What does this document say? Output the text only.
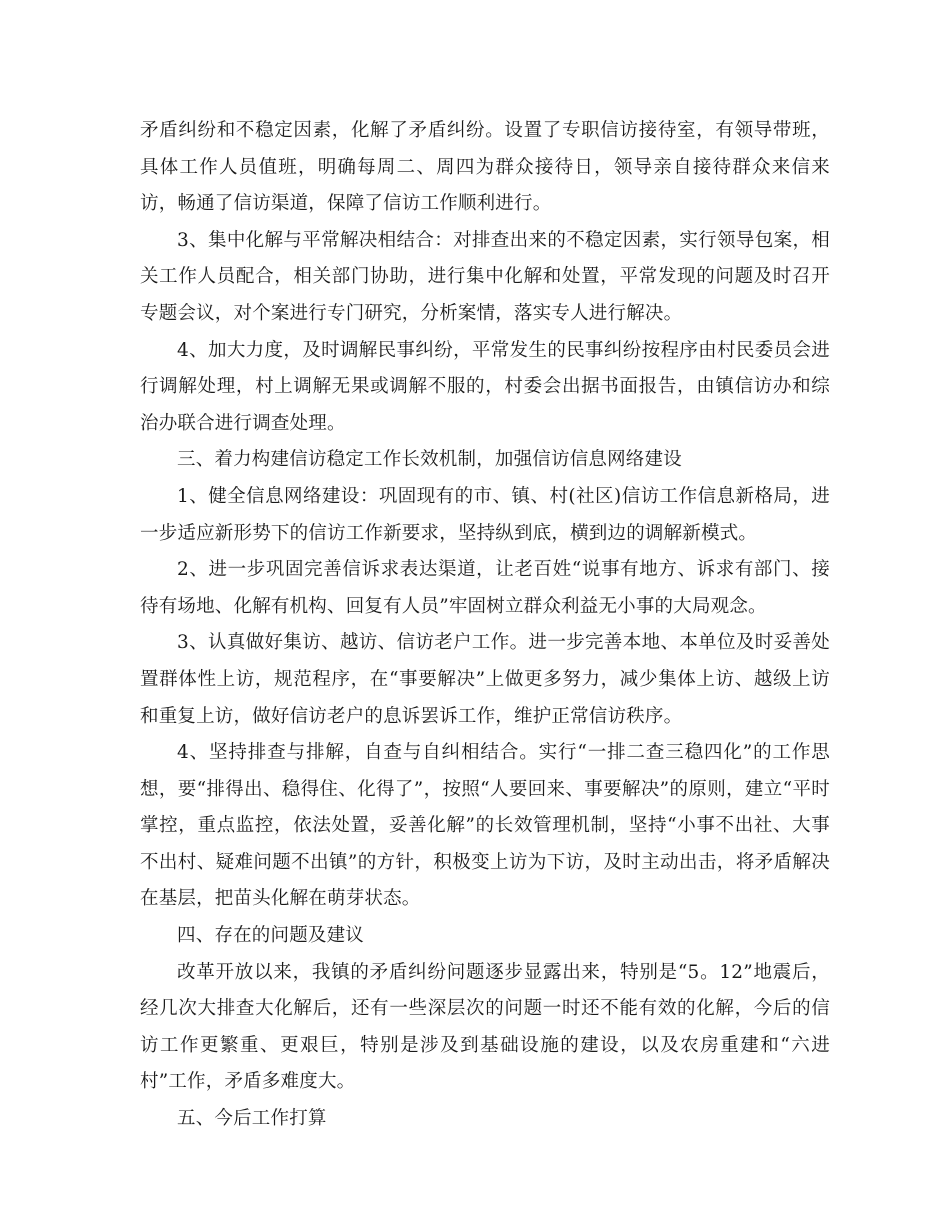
矛盾纠纷和不稳定因素，化解了矛盾纠纷。设置了专职信访接待室，有领导带班，具体工作人员值班，明确每周二、周四为群众接待日，领导亲自接待群众来信来访，畅通了信访渠道，保障了信访工作顺利进行。

3、集中化解与平常解决相结合：对排查出来的不稳定因素，实行领导包案，相关工作人员配合，相关部门协助，进行集中化解和处置，平常发现的问题及时召开专题会议，对个案进行专门研究，分析案情，落实专人进行解决。

4、加大力度，及时调解民事纠纷，平常发生的民事纠纷按程序由村民委员会进行调解处理，村上调解无果或调解不服的，村委会出据书面报告，由镇信访办和综治办联合进行调查处理。

三、着力构建信访稳定工作长效机制，加强信访信息网络建设

1、健全信息网络建设：巩固现有的市、镇、村(社区)信访工作信息新格局，进一步适应新形势下的信访工作新要求，坚持纵到底，横到边的调解新模式。

2、进一步巩固完善信诉求表达渠道，让老百姓“说事有地方、诉求有部门、接待有场地、化解有机构、回复有人员”牢固树立群众利益无小事的大局观念。

3、认真做好集访、越访、信访老户工作。进一步完善本地、本单位及时妥善处置群体性上访，规范程序，在“事要解决”上做更多努力，减少集体上访、越级上访和重复上访，做好信访老户的息诉罢诉工作，维护正常信访秩序。

4、坚持排查与排解，自查与自纠相结合。实行“一排二查三稳四化”的工作思想，要“排得出、稳得住、化得了”，按照“人要回来、事要解决”的原则，建立“平时掌控，重点监控，依法处置，妥善化解”的长效管理机制，坚持“小事不出社、大事不出村、疑难问题不出镇”的方针，积极变上访为下访，及时主动出击，将矛盾解决在基层，把苗头化解在萌芽状态。

四、存在的问题及建议

改革开放以来，我镇的矛盾纠纷问题逐步显露出来，特别是“5。12”地震后，经几次大排查大化解后，还有一些深层次的问题一时还不能有效的化解，今后的信访工作更繁重、更艰巨，特别是涉及到基础设施的建设，以及农房重建和“六进村”工作，矛盾多难度大。

五、今后工作打算
